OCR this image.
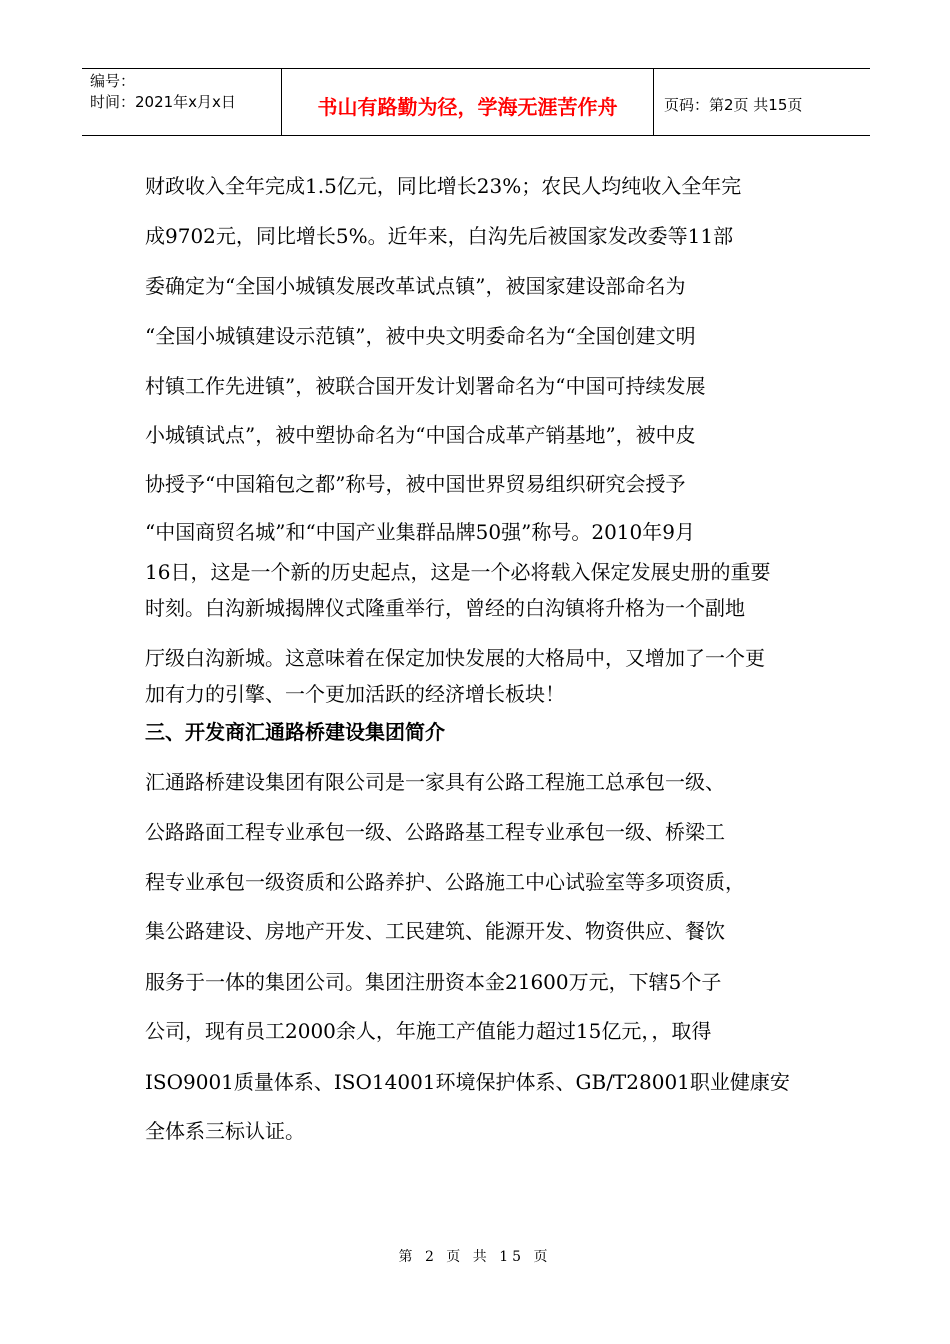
编号：
时间：2021年x月x日	书山有路勤为径，学海无涯苦作舟	页码：第2页 共15页
财政收入全年完成1.5亿元，同比增长23%；农民人均纯收入全年完
成9702元，同比增长5%。近年来，白沟先后被国家发改委等11部
委确定为“全国小城镇发展改革试点镇”，被国家建设部命名为
“全国小城镇建设示范镇”，被中央文明委命名为“全国创建文明
村镇工作先进镇”，被联合国开发计划署命名为“中国可持续发展
小城镇试点”，被中塑协命名为“中国合成革产销基地”，被中皮
协授予“中国箱包之都”称号，被中国世界贸易组织研究会授予
“中国商贸名城”和“中国产业集群品牌50强”称号。2010年9月
16日，这是一个新的历史起点，这是一个必将载入保定发展史册的重要
时刻。白沟新城揭牌仪式隆重举行，曾经的白沟镇将升格为一个副地
厅级白沟新城。这意味着在保定加快发展的大格局中，又增加了一个更
加有力的引擎、一个更加活跃的经济增长板块！
三、开发商汇通路桥建设集团简介
汇通路桥建设集团有限公司是一家具有公路工程施工总承包一级、
公路路面工程专业承包一级、公路路基工程专业承包一级、桥梁工
程专业承包一级资质和公路养护、公路施工中心试验室等多项资质，
集公路建设、房地产开发、工民建筑、能源开发、物资供应、餐饮
服务于一体的集团公司。集团注册资本金21600万元，下辖5个子
公司，现有员工2000余人，年施工产值能力超过15亿元，，取得
ISO9001质量体系、ISO14001环境保护体系、GB/T28001职业健康安
全体系三标认证。
第 2 页 共 15 页
